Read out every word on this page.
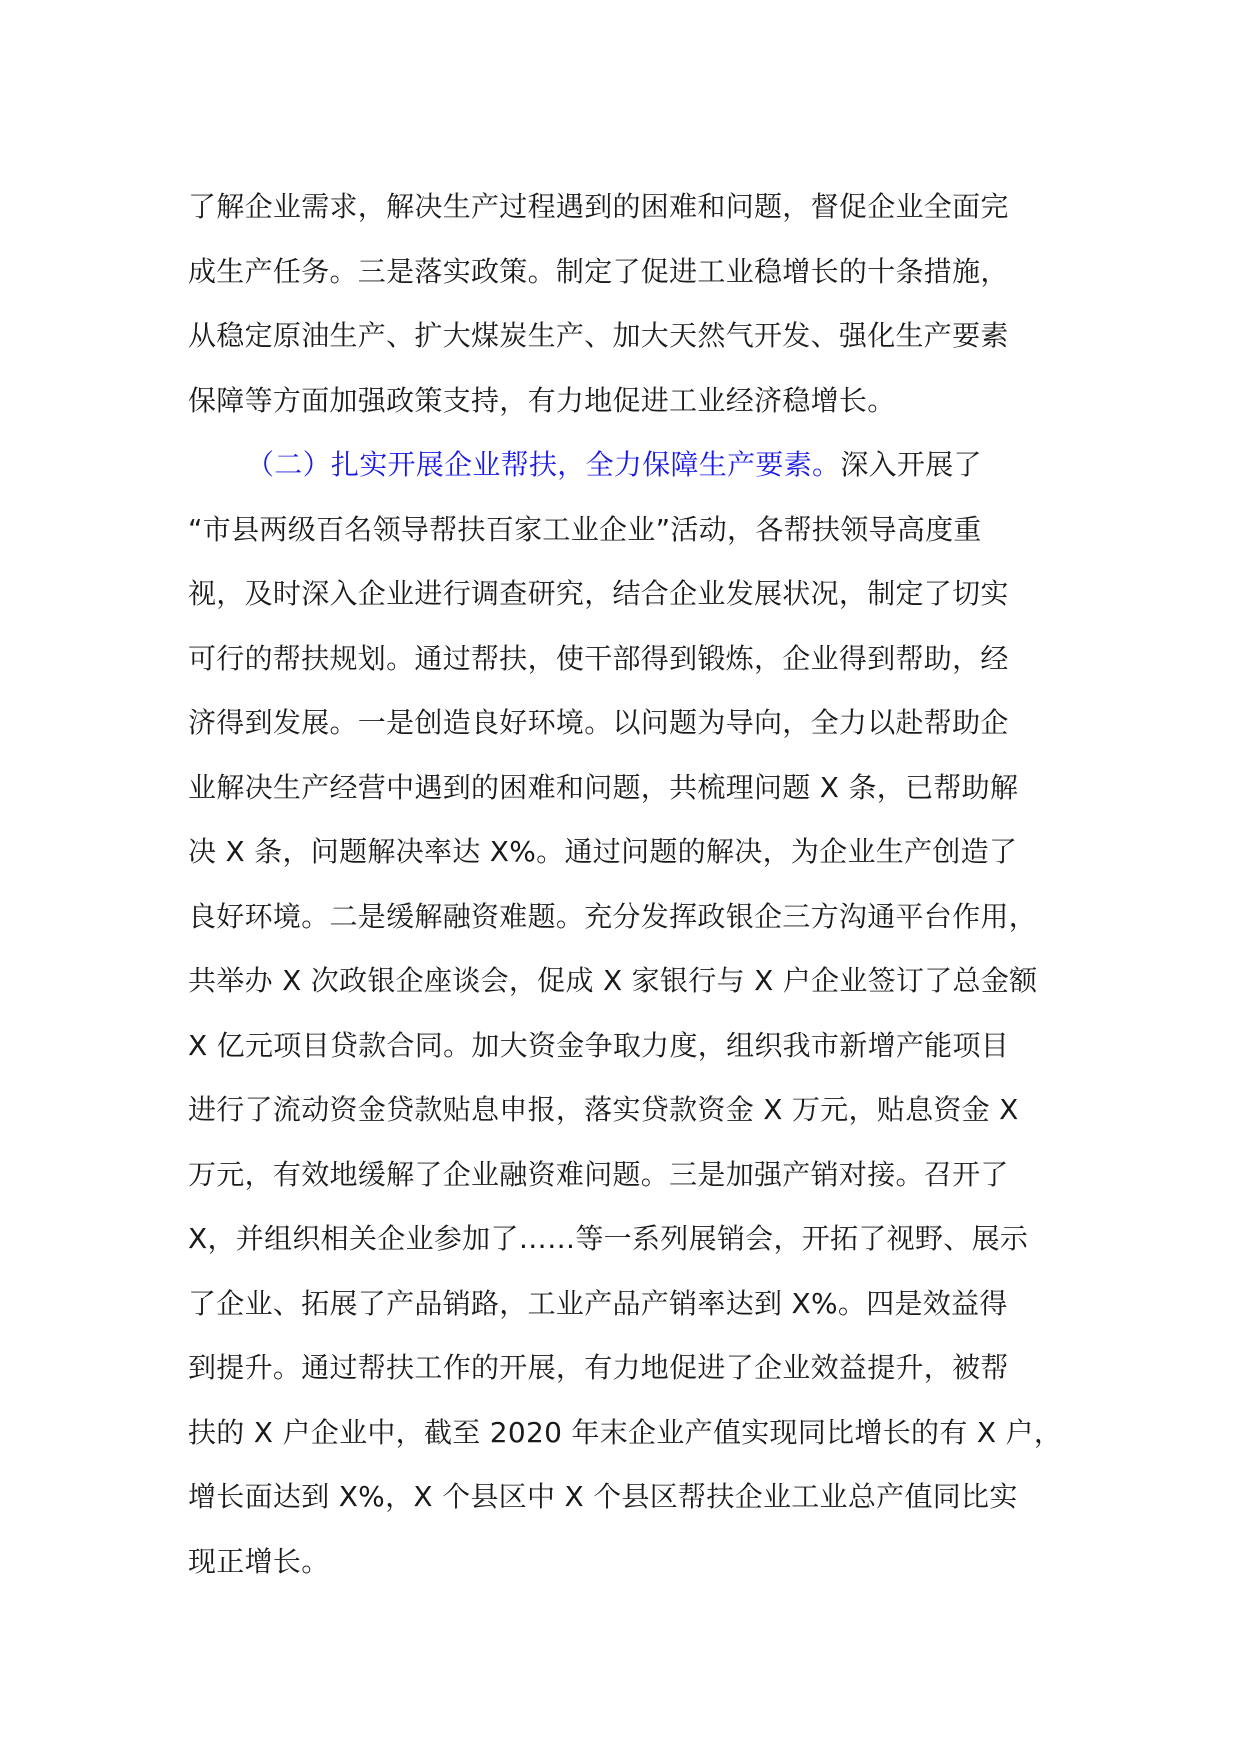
了解企业需求，解决生产过程遇到的困难和问题，督促企业全面完
成生产任务。三是落实政策。制定了促进工业稳增长的十条措施，
从稳定原油生产、扩大煤炭生产、加大天然气开发、强化生产要素
保障等方面加强政策支持，有力地促进工业经济稳增长。
（二）扎实开展企业帮扶，全力保障生产要素。深入开展了
“市县两级百名领导帮扶百家工业企业”活动，各帮扶领导高度重
视，及时深入企业进行调查研究，结合企业发展状况，制定了切实
可行的帮扶规划。通过帮扶，使干部得到锻炼，企业得到帮助，经
济得到发展。一是创造良好环境。以问题为导向，全力以赴帮助企
业解决生产经营中遇到的困难和问题，共梳理问题 X 条，已帮助解
决 X 条，问题解决率达 X%。通过问题的解决，为企业生产创造了
良好环境。二是缓解融资难题。充分发挥政银企三方沟通平台作用，
共举办 X 次政银企座谈会，促成 X 家银行与 X 户企业签订了总金额
X 亿元项目贷款合同。加大资金争取力度，组织我市新增产能项目
进行了流动资金贷款贴息申报，落实贷款资金 X 万元，贴息资金 X
万元，有效地缓解了企业融资难问题。三是加强产销对接。召开了
X，并组织相关企业参加了……等一系列展销会，开拓了视野、展示
了企业、拓展了产品销路，工业产品产销率达到 X%。四是效益得
到提升。通过帮扶工作的开展，有力地促进了企业效益提升，被帮
扶的 X 户企业中，截至 2020 年末企业产值实现同比增长的有 X 户，
增长面达到 X%，X 个县区中 X 个县区帮扶企业工业总产值同比实
现正增长。
